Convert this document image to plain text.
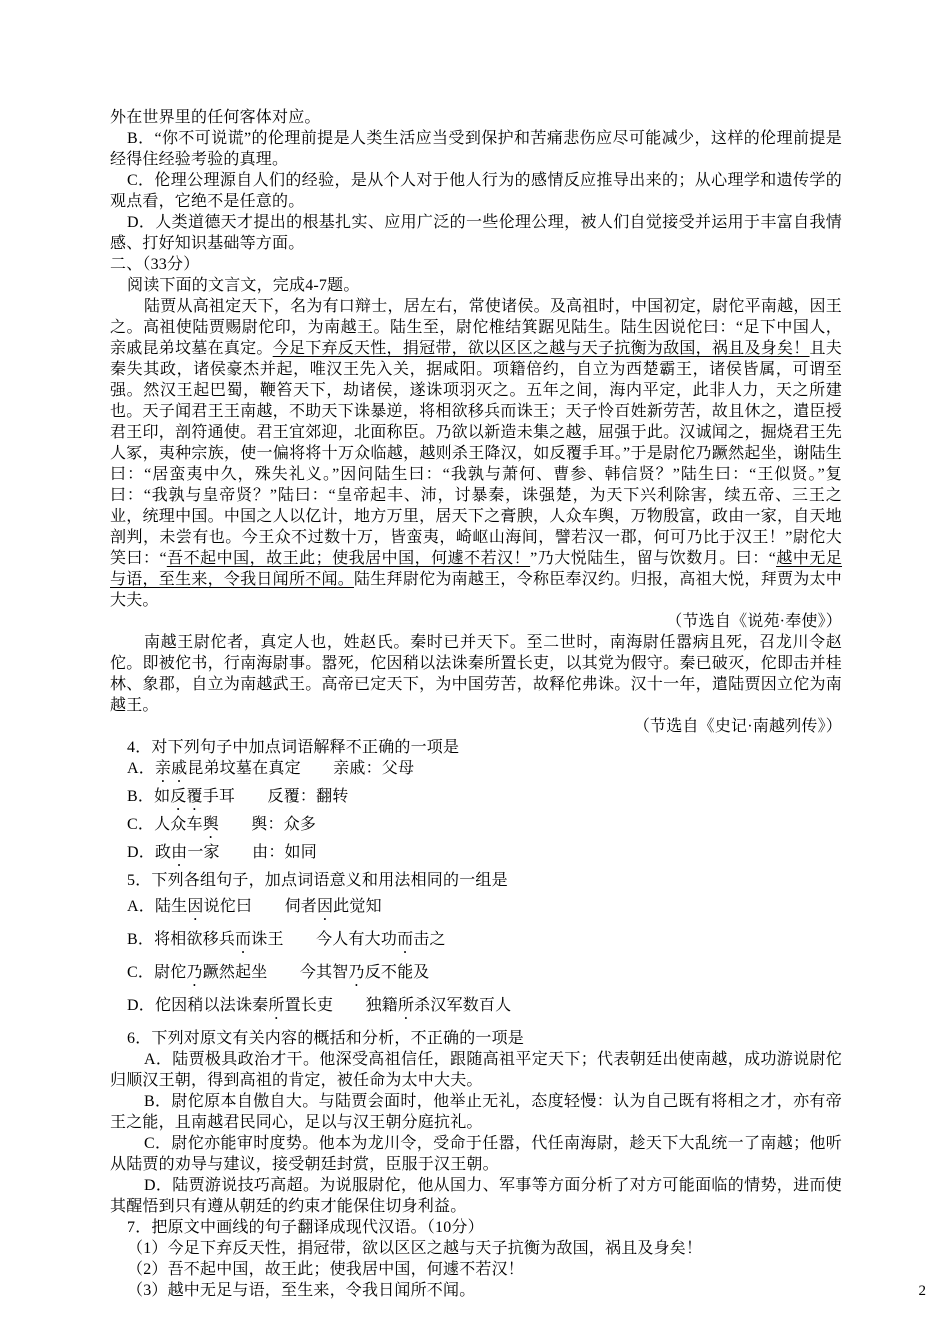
外在世界里的任何客体对应。

B．“你不可说谎”的伦理前提是人类生活应当受到保护和苦痛悲伤应尽可能减少，这样的伦理前提是经得住经验考验的真理。

C．伦理公理源自人们的经验，是从个人对于他人行为的感情反应推导出来的；从心理学和遗传学的观点看，它绝不是任意的。

D．人类道德天才提出的根基扎实、应用广泛的一些伦理公理，被人们自觉接受并运用于丰富自我情感、打好知识基础等方面。

二、（33分）

阅读下面的文言文，完成4-7题。

陆贾从高祖定天下，名为有口辩士，居左右，常使诸侯。及高祖时，中国初定，尉佗平南越，因王之。高祖使陆贾赐尉佗印，为南越王。陆生至，尉佗椎结箕踞见陆生。陆生因说佗曰：“足下中国人，亲戚昆弟坟墓在真定。今足下弃反天性，捐冠带，欲以区区之越与天子抗衡为敌国，祸且及身矣！且夫秦失其政，诸侯豪杰并起，唯汉王先入关，据咸阳。项籍倍约，自立为西楚霸王，诸侯皆属，可谓至强。然汉王起巴蜀，鞭笞天下，劫诸侯，遂诛项羽灭之。五年之间，海内平定，此非人力，天之所建也。天子闻君王王南越，不助天下诛暴逆，将相欲移兵而诛王；天子怜百姓新劳苦，故且休之，遣臣授君王印，剖符通使。君王宜郊迎，北面称臣。乃欲以新造未集之越，屈强于此。汉诚闻之，掘烧君王先人冢，夷种宗族，使一偏将将十万众临越，越则杀王降汉，如反覆手耳。”于是尉佗乃蹶然起坐，谢陆生曰：“居蛮夷中久，殊失礼义。”因问陆生曰：“我孰与萧何、曹参、韩信贤？”陆生曰：“王似贤。”复曰：“我孰与皇帝贤？”陆曰：“皇帝起丰、沛，讨暴秦，诛强楚，为天下兴利除害，续五帝、三王之业，统理中国。中国之人以亿计，地方万里，居天下之膏腴，人众车舆，万物殷富，政由一家，自天地剖判，未尝有也。今王众不过数十万，皆蛮夷，崎岖山海间，譬若汉一郡，何可乃比于汉王！”尉佗大笑曰：“吾不起中国，故王此；使我居中国，何遽不若汉！”乃大悦陆生，留与饮数月。曰：“越中无足与语，至生来，令我日闻所不闻。陆生拜尉佗为南越王，令称臣奉汉约。归报，高祖大悦，拜贾为太中大夫。

（节选自《说苑·奉使》）

南越王尉佗者，真定人也，姓赵氏。秦时已并天下。至二世时，南海尉任嚣病且死，召龙川令赵佗。即被佗书，行南海尉事。嚣死，佗因稍以法诛秦所置长吏，以其党为假守。秦已破灭，佗即击并桂林、象郡，自立为南越武王。高帝已定天下，为中国劳苦，故释佗弗诛。汉十一年，遣陆贾因立佗为南越王。

（节选自《史记·南越列传》）

4．对下列句子中加点词语解释不正确的一项是

A．亲戚昆弟坟墓在真定　　亲戚：父母

B．如反覆手耳　　反覆：翻转

C．人众车舆　　舆：众多

D．政由一家　　由：如同

5．下列各组句子，加点词语意义和用法相同的一组是

A．陆生因说佗曰　　伺者因此觉知

B．将相欲移兵而诛王　　今人有大功而击之

C．尉佗乃蹶然起坐　　今其智乃反不能及

D．佗因稍以法诛秦所置长吏　　独籍所杀汉军数百人

6．下列对原文有关内容的概括和分析，不正确的一项是

A．陆贾极具政治才干。他深受高祖信任，跟随高祖平定天下；代表朝廷出使南越，成功游说尉佗归顺汉王朝，得到高祖的肯定，被任命为太中大夫。

B．尉佗原本自傲自大。与陆贾会面时，他举止无礼，态度轻慢：认为自己既有将相之才，亦有帝王之能，且南越君民同心，足以与汉王朝分庭抗礼。

C．尉佗亦能审时度势。他本为龙川令，受命于任嚣，代任南海尉，趁天下大乱统一了南越；他听从陆贾的劝导与建议，接受朝廷封赏，臣服于汉王朝。

D．陆贾游说技巧高超。为说服尉佗，他从国力、军事等方面分析了对方可能面临的情势，进而使其醒悟到只有遵从朝廷的约束才能保住切身利益。

7．把原文中画线的句子翻译成现代汉语。（10分）

（1）今足下弃反天性，捐冠带，欲以区区之越与天子抗衡为敌国，祸且及身矣！

（2）吾不起中国，故王此；使我居中国，何遽不若汉！

（3）越中无足与语，至生来，令我日闻所不闻。	2
